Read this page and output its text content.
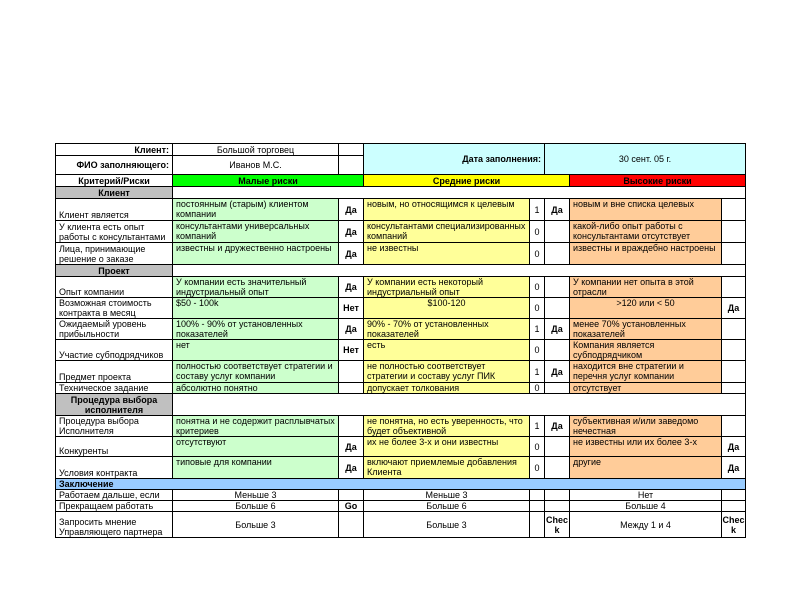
Клиент:	Большой торговец		Дата заполнения:		30 сент. 05 г.		
ФИО заполняющего:	Иванов М.С.						
Критерий/Риски	Малые риски		Средние риски			Высокие риски	
Клиент							
Клиент является	постоянным (старым) клиентом компании	Да	новым, но относящимся к целевым	1	Да	новым и вне списка целевых	
У клиента есть опыт работы с консультантами	консультантами универсальных компаний	Да	консультантами специализированных компаний	0		какой-либо опыт работы с консультантами отсутствует	
Лица, принимающие решение о заказе	известны и дружественно настроены	Да	не известны	0		известны и враждебно настроены	
Проект							
Опыт компании	У компании есть значительный индустриальный опыт	Да	У компании есть некоторый индустриальный опыт	0		У компании нет опыта в этой отрасли	
Возможная стоимость контракта в месяц	$50 - 100k	Нет	$100-120	0		>120 или < 50	Да
Ожидаемый уровень прибыльности	100% - 90% от установленных показателей	Да	90% - 70% от установленных показателей	1	Да	менее 70% установленных показателей	
Участие субподрядчиков	нет	Нет	есть	0		Компания является субподрядчиком	
Предмет проекта	полностью соответствует стратегии и составу услуг компании		не полностью соответствует стратегии и составу услуг ПИК	1	Да	находится вне стратегии и перечня услуг компании	
Техническое задание	абсолютно понятно		допускает толкования	0		отсутствует	
Процедура выбора исполнителя							
Процедура выбора Исполнителя	понятна и не содержит расплывчатых критериев		не понятна, но есть уверенность, что будет объективной	1	Да	субъективная и/или заведомо нечестная	
Конкуренты	отсутствуют	Да	их не более 3-х и они известны	0		не известны или их более 3-х	Да
Условия контракта	типовые для компании	Да	включают приемлемые добавления Клиента	0		другие	Да
Заключение							
Работаем дальше, если	Меньше 3		Меньше 3			Нет	
Прекращаем работать	Больше 6	Go	Больше 6			Больше 4	
Запросить мнение Управляющего партнера	Больше 3		Больше 3		Check	Между 1 и 4	Check
